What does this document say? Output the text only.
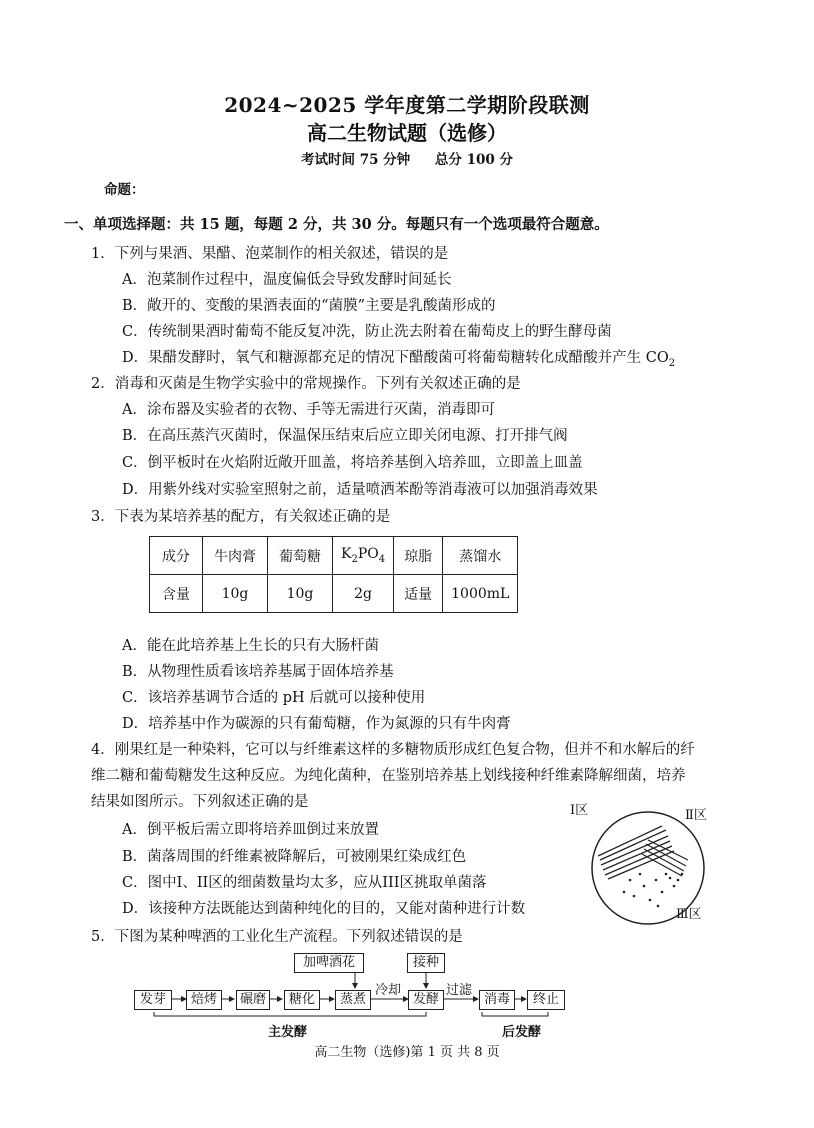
2024~2025 学年度第二学期阶段联测
高二生物试题（选修）
考试时间 75 分钟 总分 100 分
命题：
一、单项选择题：共 15 题，每题 2 分，共 30 分。每题只有一个选项最符合题意。
1．下列与果酒、果醋、泡菜制作的相关叙述，错误的是
A．泡菜制作过程中，温度偏低会导致发酵时间延长
B．敞开的、变酸的果酒表面的“菌膜”主要是乳酸菌形成的
C．传统制果酒时葡萄不能反复冲洗，防止洗去附着在葡萄皮上的野生酵母菌
D．果醋发酵时，氧气和糖源都充足的情况下醋酸菌可将葡萄糖转化成醋酸并产生 $CO_2$
2．消毒和灭菌是生物学实验中的常规操作。下列有关叙述正确的是
A．涂布器及实验者的衣物、手等无需进行灭菌，消毒即可
B．在高压蒸汽灭菌时，保温保压结束后应立即关闭电源、打开排气阀
C．倒平板时在火焰附近敞开皿盖，将培养基倒入培养皿，立即盖上皿盖
D．用紫外线对实验室照射之前，适量喷洒苯酚等消毒液可以加强消毒效果
3．下表为某培养基的配方，有关叙述正确的是
成分	牛肉膏	葡萄糖	$K_2PO_4$	琼脂	蒸馏水
含量	10g	10g	2g	适量	1000mL
A．能在此培养基上生长的只有大肠杆菌
B．从物理性质看该培养基属于固体培养基
C．该培养基调节合适的 pH 后就可以接种使用
D．培养基中作为碳源的只有葡萄糖，作为氮源的只有牛肉膏
4．刚果红是一种染料，它可以与纤维素这样的多糖物质形成红色复合物，但并不和水解后的纤
维二糖和葡萄糖发生这种反应。为纯化菌种，在鉴别培养基上划线接种纤维素降解细菌，培养
结果如图所示。下列叙述正确的是
A．倒平板后需立即将培养皿倒过来放置
B．菌落周围的纤维素被降解后，可被刚果红染成红色
C．图中I、II区的细菌数量均太多，应从III区挑取单菌落
D．该接种方法既能达到菌种纯化的目的，又能对菌种进行计数
Ⅰ区	Ⅱ区
Ⅲ区
5．下图为某种啤酒的工业化生产流程。下列叙述错误的是
加啤酒花	接种
发芽	焙烤	碾磨	糖化	蒸煮	发酵	消毒	终止
冷却	过滤
主发酵	后发酵
高二生物（选修)第 1 页 共 8 页
